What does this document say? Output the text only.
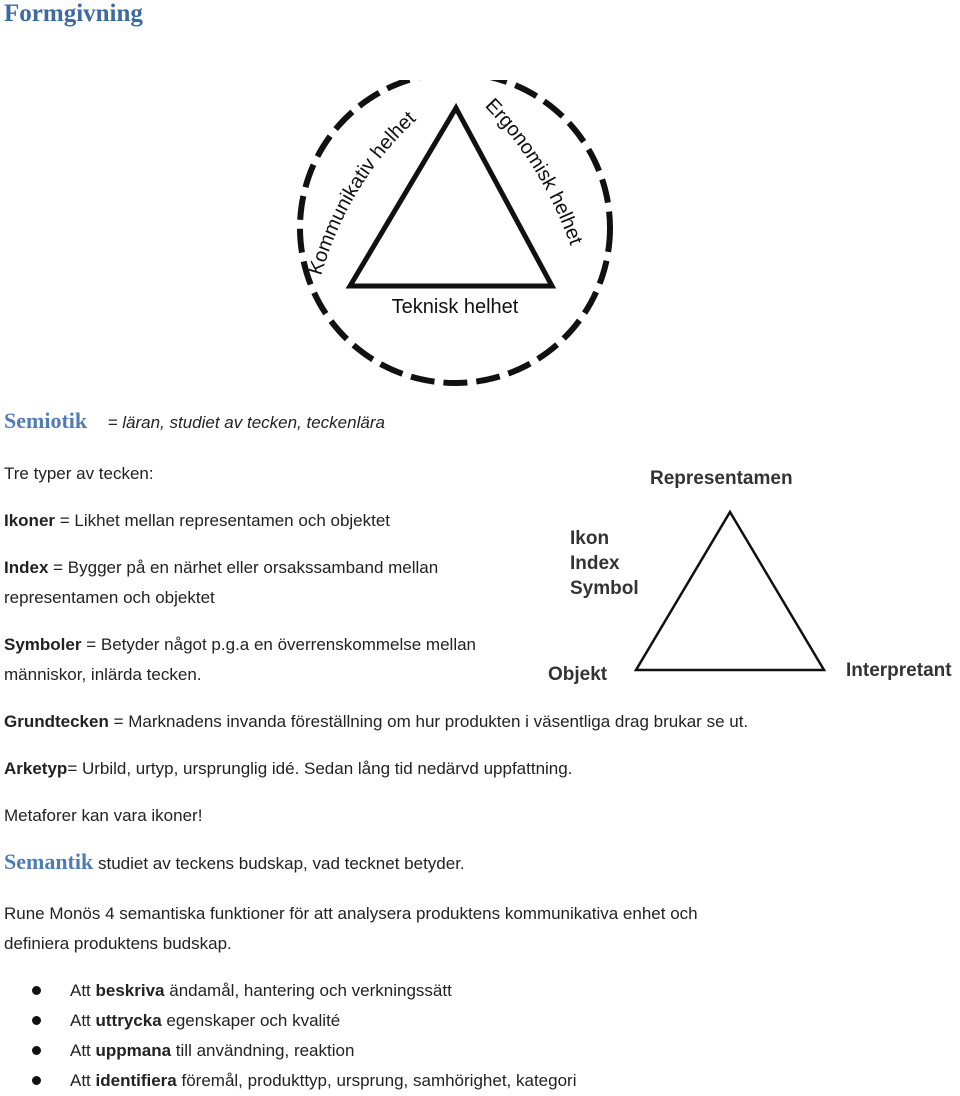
Formgivning
Kommunikativ helhet	Ergonomisk helhet
Teknisk helhet
Semiotik = läran, studiet av tecken, teckenlära
Tre typer av tecken:
Ikoner = Likhet mellan representamen och objektet
Index = Bygger på en närhet eller orsakssamband mellan
representamen och objektet
Symboler = Betyder något p.g.a en överrenskommelse mellan
människor, inlärda tecken.
Representamen
Ikon
Index
Symbol
Objekt	Interpretant
Grundtecken = Marknadens invanda föreställning om hur produkten i väsentliga drag brukar se ut.
Arketyp= Urbild, urtyp, ursprunglig idé. Sedan lång tid nedärvd uppfattning.
Metaforer kan vara ikoner!
Semantik studiet av teckens budskap, vad tecknet betyder.
Rune Monös 4 semantiska funktioner för att analysera produktens kommunikativa enhet och
definiera produktens budskap.
Att beskriva ändamål, hantering och verkningssätt
Att uttrycka egenskaper och kvalité
Att uppmana till användning, reaktion
Att identifiera föremål, produkttyp, ursprung, samhörighet, kategori
